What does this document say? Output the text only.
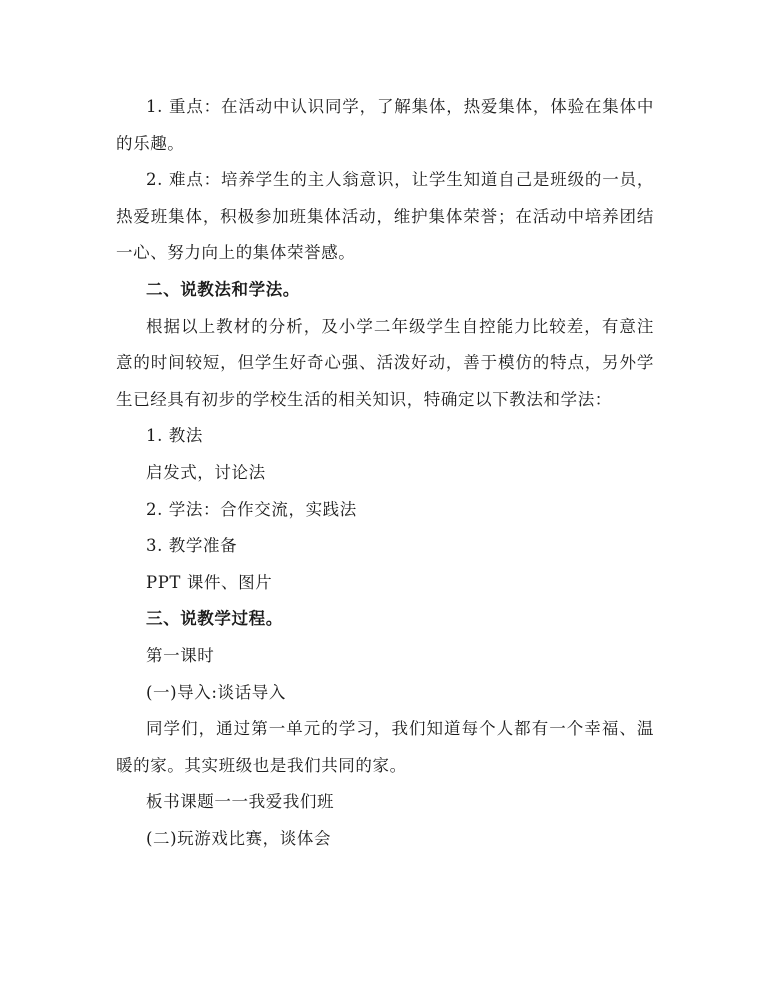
1. 重点：在活动中认识同学，了解集体，热爱集体，体验在集体中的乐趣。

2. 难点：培养学生的主人翁意识，让学生知道自己是班级的一员，热爱班集体，积极参加班集体活动，维护集体荣誉；在活动中培养团结一心、努力向上的集体荣誉感。

二、说教法和学法。

根据以上教材的分析，及小学二年级学生自控能力比较差，有意注意的时间较短，但学生好奇心强、活泼好动，善于模仿的特点，另外学生已经具有初步的学校生活的相关知识，特确定以下教法和学法：

1. 教法

启发式，讨论法

2. 学法：合作交流，实践法

3. 教学准备

PPT 课件、图片

三、说教学过程。

第一课时

(一)导入:谈话导入

同学们，通过第一单元的学习，我们知道每个人都有一个幸福、温暖的家。其实班级也是我们共同的家。

板书课题一一我爱我们班

(二)玩游戏比赛，谈体会
